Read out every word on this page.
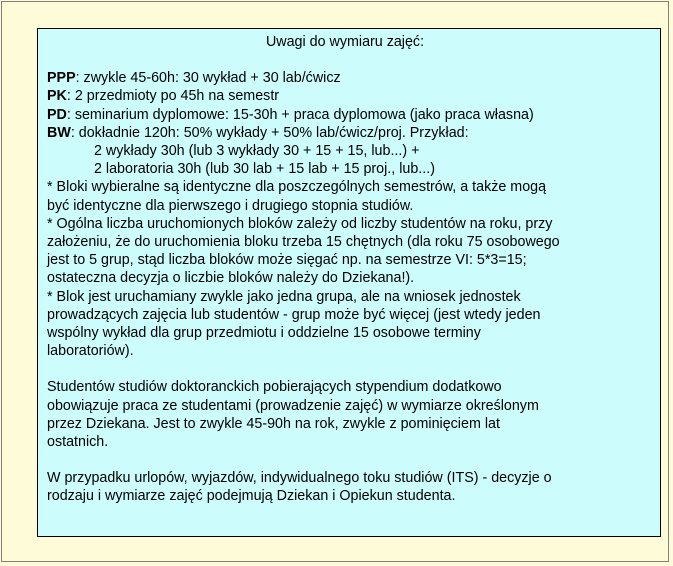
Uwagi do wymiaru zajęć:

PPP: zwykle 45-60h: 30 wykład + 30 lab/ćwicz

PK: 2 przedmioty po 45h na semestr

PD: seminarium dyplomowe: 15-30h + praca dyplomowa (jako praca własna)

BW: dokładnie 120h: 50% wykłady + 50% lab/ćwicz/proj. Przykład:

2 wykłady 30h (lub 3 wykłady 30 + 15 + 15, lub...) +

2 laboratoria 30h (lub 30 lab + 15 lab + 15 proj., lub...)

* Bloki wybieralne są identyczne dla poszczególnych semestrów, a także mogą

być identyczne dla pierwszego i drugiego stopnia studiów.

* Ogólna liczba uruchomionych bloków zależy od liczby studentów na roku, przy

założeniu, że do uruchomienia bloku trzeba 15 chętnych (dla roku 75 osobowego

jest to 5 grup, stąd liczba bloków może sięgać np. na semestrze VI: 5*3=15;

ostateczna decyzja o liczbie bloków należy do Dziekana!).

* Blok jest uruchamiany zwykle jako jedna grupa, ale na wniosek jednostek

prowadzących zajęcia lub studentów - grup może być więcej (jest wtedy jeden

wspólny wykład dla grup przedmiotu i oddzielne 15 osobowe terminy

laboratoriów).

Studentów studiów doktoranckich pobierających stypendium dodatkowo

obowiązuje praca ze studentami (prowadzenie zajęć) w wymiarze określonym

przez Dziekana. Jest to zwykle 45-90h na rok, zwykle z pominięciem lat

ostatnich.

W przypadku urlopów, wyjazdów, indywidualnego toku studiów (ITS) - decyzje o

rodzaju i wymiarze zajęć podejmują Dziekan i Opiekun studenta.
